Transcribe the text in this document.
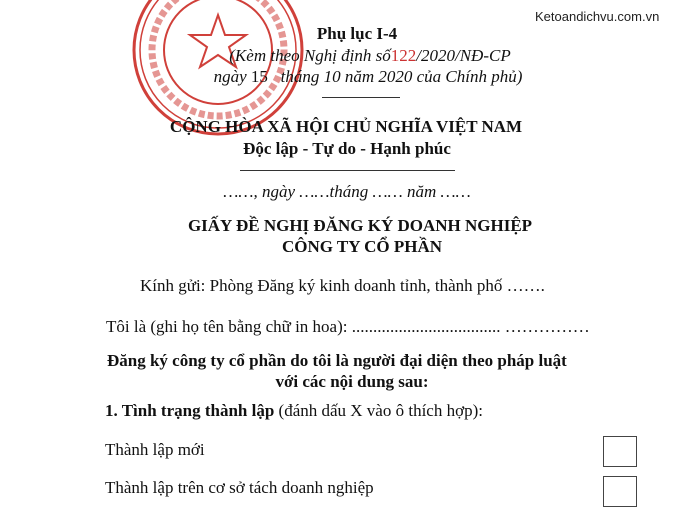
Ketoandichvu.com.vn
Phụ lục I-4
(Kèm theo Nghị định số122/2020/NĐ-CP
ngày 15 tháng 10 năm 2020 của Chính phủ)
CỘNG HÒA XÃ HỘI CHỦ NGHĨA VIỆT NAM
Độc lập - Tự do - Hạnh phúc
……, ngày ……tháng …… năm ……
GIẤY ĐỀ NGHỊ ĐĂNG KÝ DOANH NGHIỆP
CÔNG TY CỔ PHẦN
Kính gửi: Phòng Đăng ký kinh doanh tỉnh, thành phố …….
Tôi là (ghi họ tên bằng chữ in hoa): ................................... ……………
Đăng ký công ty cổ phần do tôi là người đại diện theo pháp luật
với các nội dung sau:
1. Tình trạng thành lập (đánh dấu X vào ô thích hợp):
Thành lập mới
Thành lập trên cơ sở tách doanh nghiệp
